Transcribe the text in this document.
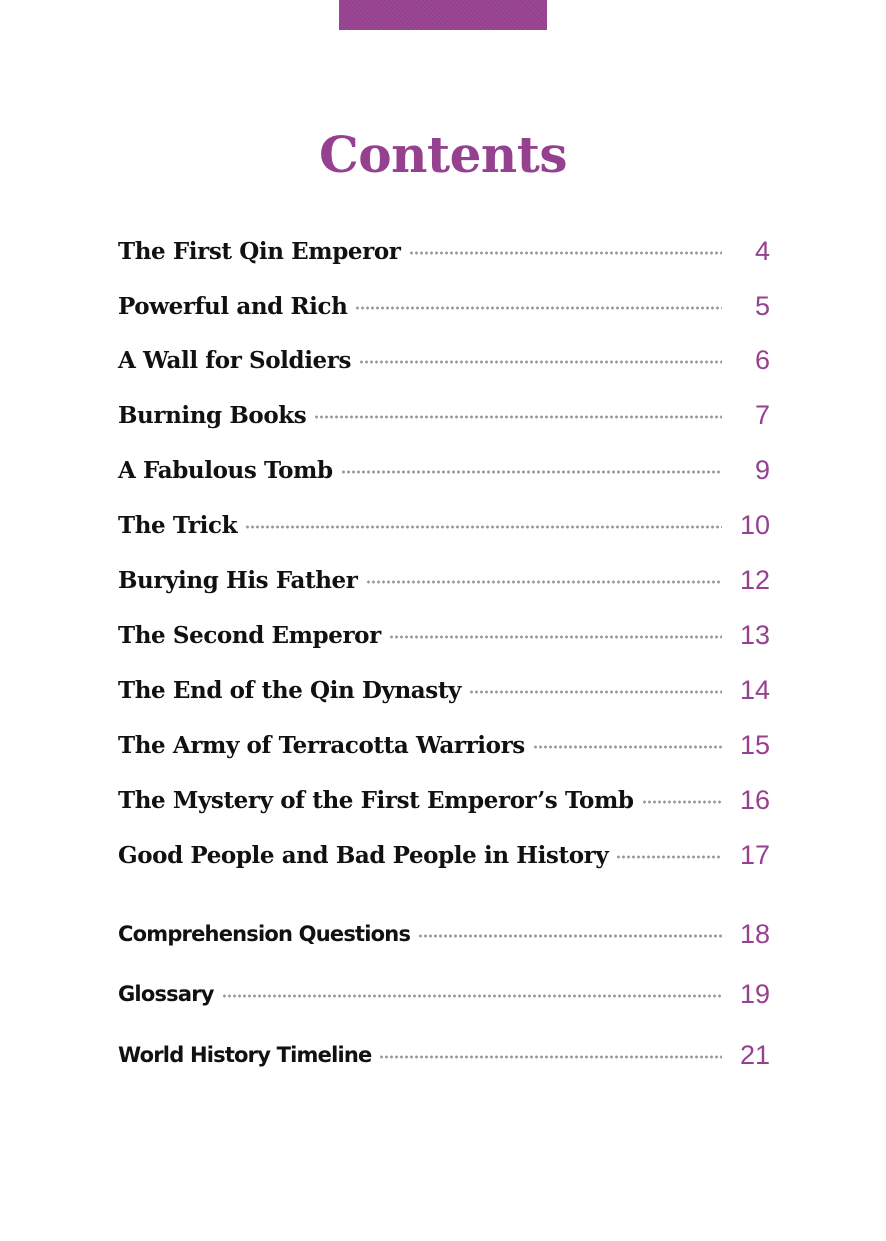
Contents
The First Qin Emperor	4
Powerful and Rich	5
A Wall for Soldiers	6
Burning Books	7
A Fabulous Tomb	9
The Trick	10
Burying His Father	12
The Second Emperor	13
The End of the Qin Dynasty	14
The Army of Terracotta Warriors	15
The Mystery of the First Emperor’s Tomb	16
Good People and Bad People in History	17
Comprehension Questions	18
Glossary	19
World History Timeline	21
